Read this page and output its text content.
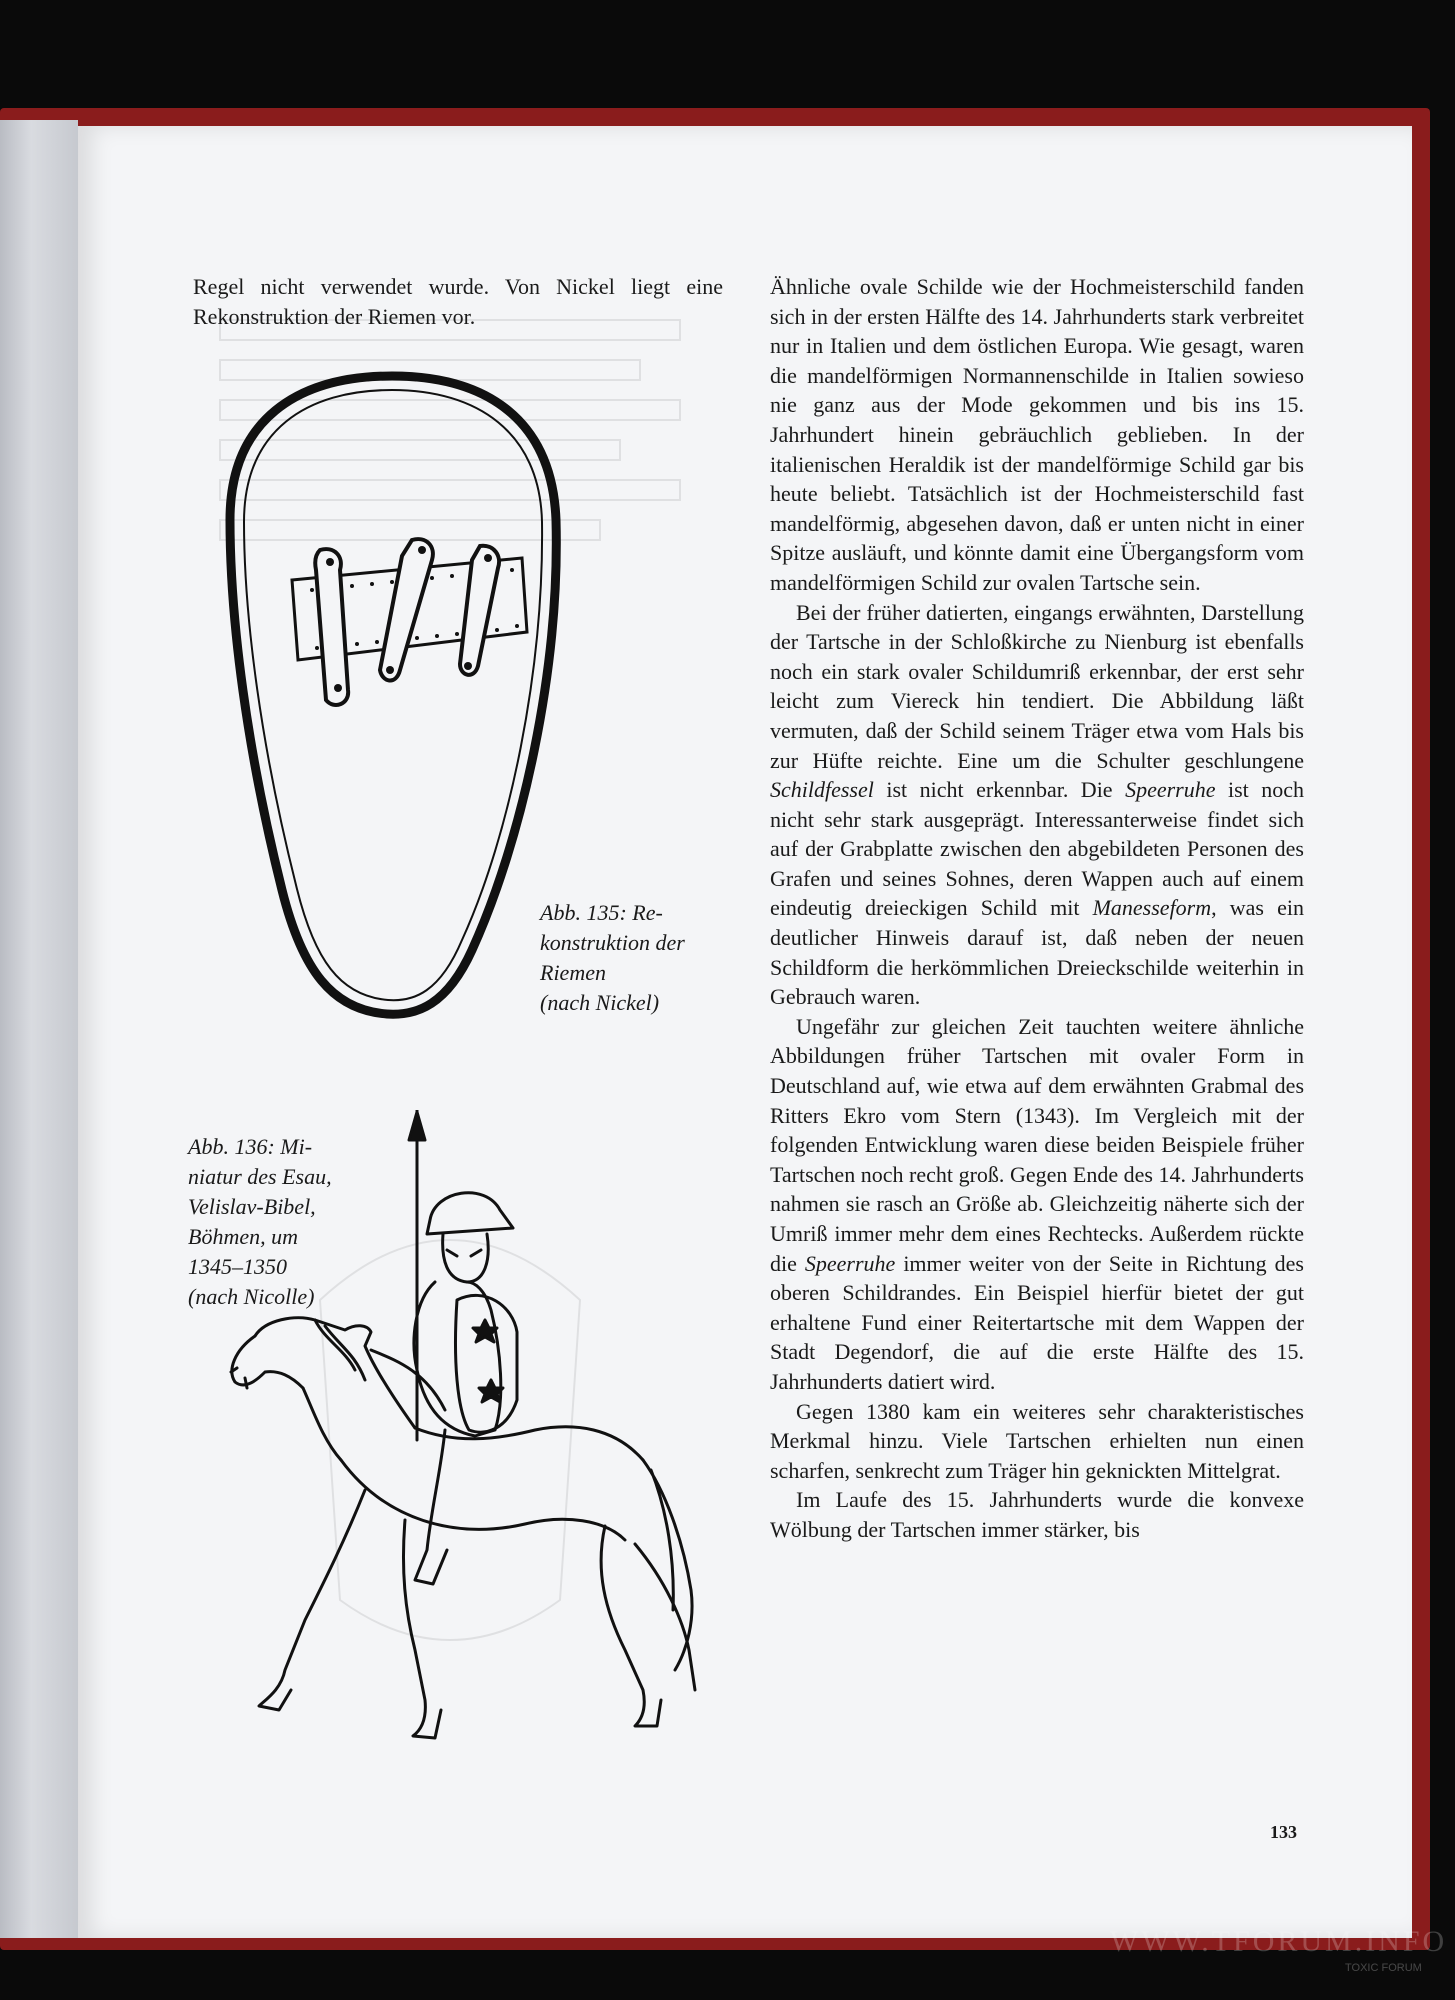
Regel nicht verwendet wurde. Von Nickel liegt eine Rekonstruktion der Riemen vor.
Abb. 135: Re-
konstruktion der
Riemen
(nach Nickel)
Abb. 136: Mi-
niatur des Esau,
Velislav-Bibel,
Böhmen, um
1345–1350
(nach Nicolle)

Ähnliche ovale Schilde wie der Hochmeisterschild fanden sich in der ersten Hälfte des 14. Jahrhunderts stark verbreitet nur in Italien und dem östlichen Europa. Wie gesagt, waren die mandelförmigen Normannenschilde in Italien sowieso nie ganz aus der Mode gekommen und bis ins 15. Jahrhundert hinein gebräuchlich geblieben. In der italienischen Heraldik ist der mandelförmige Schild gar bis heute beliebt. Tatsächlich ist der Hochmeisterschild fast mandelförmig, abgesehen davon, daß er unten nicht in einer Spitze ausläuft, und könnte damit eine Übergangsform vom mandelförmigen Schild zur ovalen Tartsche sein.

Bei der früher datierten, eingangs erwähnten, Darstellung der Tartsche in der Schloßkirche zu Nienburg ist ebenfalls noch ein stark ovaler Schildumriß erkennbar, der erst sehr leicht zum Viereck hin tendiert. Die Abbildung läßt vermuten, daß der Schild seinem Träger etwa vom Hals bis zur Hüfte reichte. Eine um die Schulter geschlungene Schildfessel ist nicht erkennbar. Die Speerruhe ist noch nicht sehr stark ausgeprägt. Interessanterweise findet sich auf der Grabplatte zwischen den abgebildeten Personen des Grafen und seines Sohnes, deren Wappen auch auf einem eindeutig dreieckigen Schild mit Manesseform, was ein deutlicher Hinweis darauf ist, daß neben der neuen Schildform die herkömmlichen Dreieckschilde weiterhin in Gebrauch waren.

Ungefähr zur gleichen Zeit tauchten weitere ähnliche Abbildungen früher Tartschen mit ovaler Form in Deutschland auf, wie etwa auf dem erwähnten Grabmal des Ritters Ekro vom Stern (1343). Im Vergleich mit der folgenden Entwicklung waren diese beiden Beispiele früher Tartschen noch recht groß. Gegen Ende des 14. Jahrhunderts nahmen sie rasch an Größe ab. Gleichzeitig näherte sich der Umriß immer mehr dem eines Rechtecks. Außerdem rückte die Speerruhe immer weiter von der Seite in Richtung des oberen Schildrandes. Ein Beispiel hierfür bietet der gut erhaltene Fund einer Reitertartsche mit dem Wappen der Stadt Degendorf, die auf die erste Hälfte des 15. Jahrhunderts datiert wird.

Gegen 1380 kam ein weiteres sehr charakteristisches Merkmal hinzu. Viele Tartschen erhielten nun einen scharfen, senkrecht zum Träger hin geknickten Mittelgrat.

Im Laufe des 15. Jahrhunderts wurde die konvexe Wölbung der Tartschen immer stärker, bis

133
WWW.TFORUM.INFO
TOXIC FORUM
